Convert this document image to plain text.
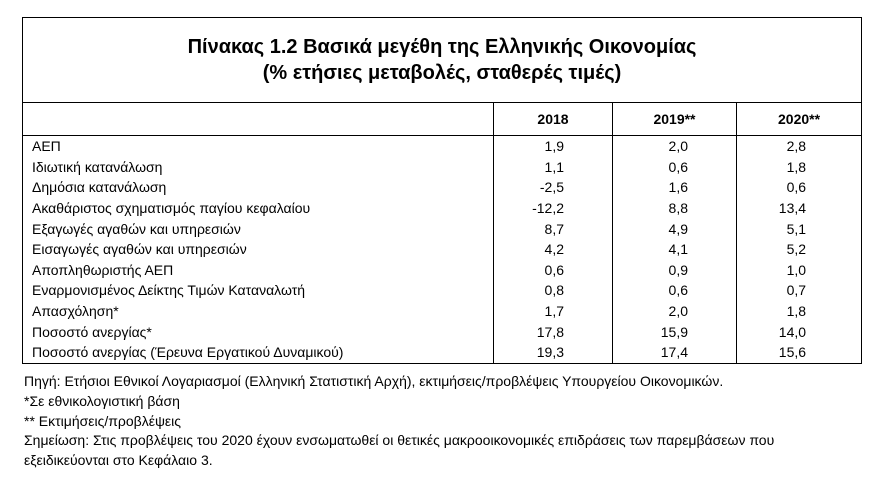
Πίνακας 1.2 Βασικά μεγέθη της Ελληνικής Οικονομίας
(% ετήσιες μεταβολές, σταθερές τιμές)			

	2018	2019**	2020**
ΑΕΠ	1,9	2,0	2,8
Ιδιωτική κατανάλωση	1,1	0,6	1,8
Δημόσια κατανάλωση	-2,5	1,6	0,6
Ακαθάριστος σχηματισμός παγίου κεφαλαίου	-12,2	8,8	13,4
Εξαγωγές αγαθών και υπηρεσιών	8,7	4,9	5,1
Εισαγωγές αγαθών και υπηρεσιών	4,2	4,1	5,2
Αποπληθωριστής ΑΕΠ	0,6	0,9	1,0
Εναρμονισμένος Δείκτης Τιμών Καταναλωτή	0,8	0,6	0,7
Απασχόληση*	1,7	2,0	1,8
Ποσοστό ανεργίας*	17,8	15,9	14,0
Ποσοστό ανεργίας (Έρευνα Εργατικού Δυναμικού)	19,3	17,4	15,6
Πηγή: Ετήσιοι Εθνικοί Λογαριασμοί (Ελληνική Στατιστική Αρχή), εκτιμήσεις/προβλέψεις Υπουργείου Οικονομικών.
*Σε εθνικολογιστική βάση
** Εκτιμήσεις/προβλέψεις
Σημείωση: Στις προβλέψεις του 2020 έχουν ενσωματωθεί οι θετικές μακροοικονομικές επιδράσεις των παρεμβάσεων που
εξειδικεύονται στο Κεφάλαιο 3.
